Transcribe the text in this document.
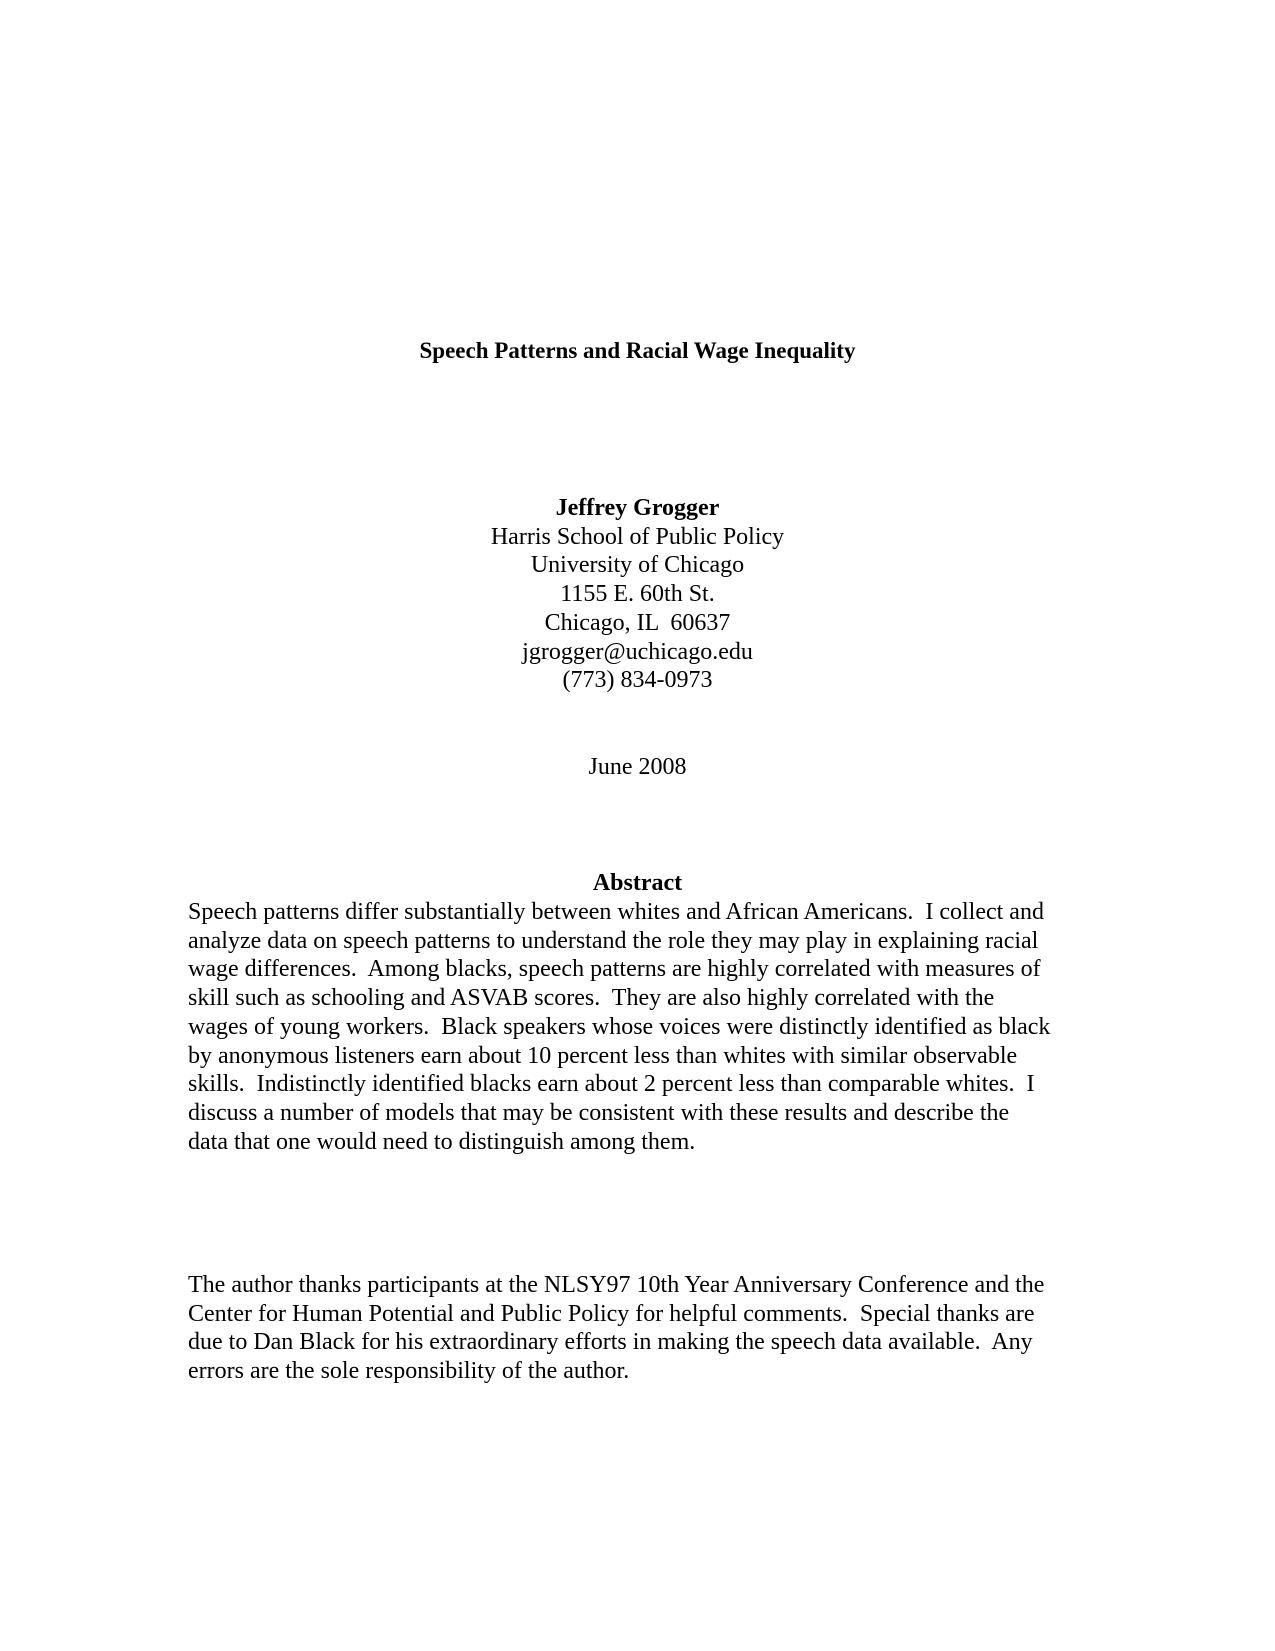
Speech Patterns and Racial Wage Inequality
Jeffrey Grogger
Harris School of Public Policy
University of Chicago
1155 E. 60th St.
Chicago, IL  60637
jgrogger@uchicago.edu
(773) 834-0973
June 2008
Abstract
Speech patterns differ substantially between whites and African Americans.  I collect and
analyze data on speech patterns to understand the role they may play in explaining racial
wage differences.  Among blacks, speech patterns are highly correlated with measures of
skill such as schooling and ASVAB scores.  They are also highly correlated with the
wages of young workers.  Black speakers whose voices were distinctly identified as black
by anonymous listeners earn about 10 percent less than whites with similar observable
skills.  Indistinctly identified blacks earn about 2 percent less than comparable whites.  I
discuss a number of models that may be consistent with these results and describe the
data that one would need to distinguish among them.
The author thanks participants at the NLSY97 10th Year Anniversary Conference and the
Center for Human Potential and Public Policy for helpful comments.  Special thanks are
due to Dan Black for his extraordinary efforts in making the speech data available.  Any
errors are the sole responsibility of the author.
